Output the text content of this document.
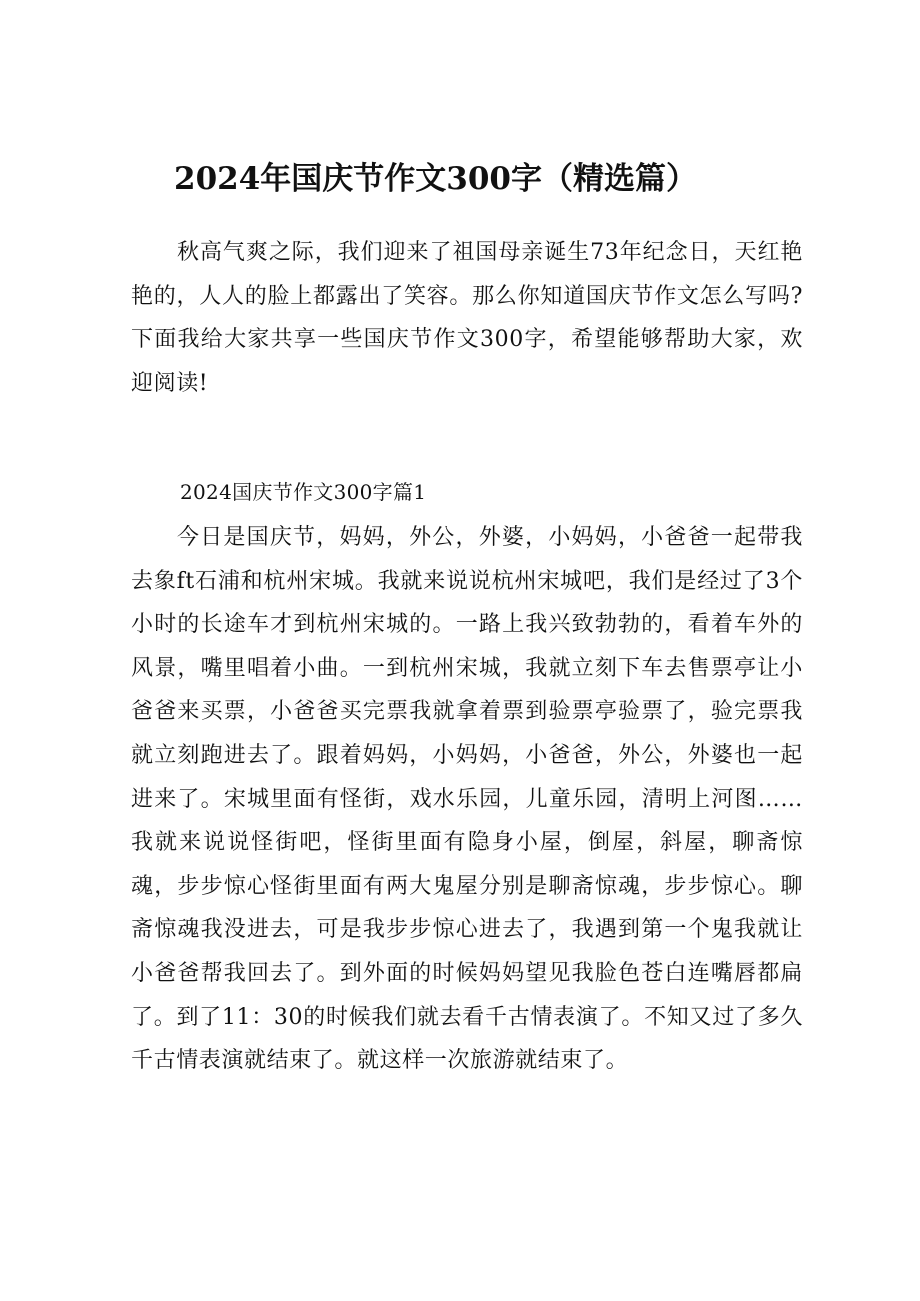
2024年国庆节作文300字（精选篇）

秋高气爽之际，我们迎来了祖国母亲诞生73年纪念日，天红艳艳的，人人的脸上都露出了笑容。那么你知道国庆节作文怎么写吗?下面我给大家共享一些国庆节作文300字，希望能够帮助大家，欢迎阅读!

2024国庆节作文300字篇1

今日是国庆节，妈妈，外公，外婆，小妈妈，小爸爸一起带我去象ft石浦和杭州宋城。我就来说说杭州宋城吧，我们是经过了3个小时的长途车才到杭州宋城的。一路上我兴致勃勃的，看着车外的风景，嘴里唱着小曲。一到杭州宋城，我就立刻下车去售票亭让小爸爸来买票，小爸爸买完票我就拿着票到验票亭验票了，验完票我就立刻跑进去了。跟着妈妈，小妈妈，小爸爸，外公，外婆也一起进来了。宋城里面有怪街，戏水乐园，儿童乐园，清明上河图……我就来说说怪街吧，怪街里面有隐身小屋，倒屋，斜屋，聊斋惊魂，步步惊心怪街里面有两大鬼屋分别是聊斋惊魂，步步惊心。聊斋惊魂我没进去，可是我步步惊心进去了，我遇到第一个鬼我就让小爸爸帮我回去了。到外面的时候妈妈望见我脸色苍白连嘴唇都扁了。到了11：30的时候我们就去看千古情表演了。不知又过了多久千古情表演就结束了。就这样一次旅游就结束了。
